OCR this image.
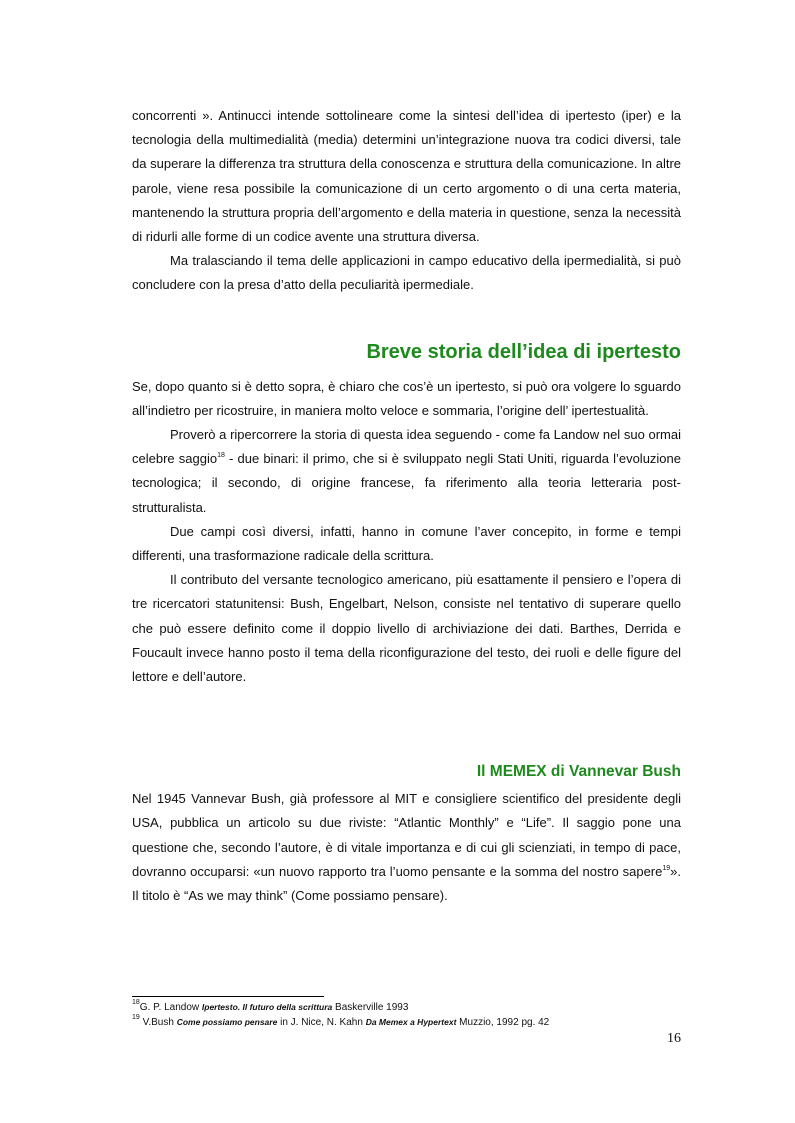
concorrenti ». Antinucci intende sottolineare come la sintesi dell’idea di ipertesto (iper) e la tecnologia della multimedialità (media) determini un’integrazione nuova tra codici diversi, tale da superare la differenza tra struttura della conoscenza e struttura della comunicazione. In altre parole, viene resa possibile la comunicazione di un certo argomento o di una certa materia, mantenendo la struttura propria dell’argomento e della materia in questione, senza la necessità di ridurli alle forme di un codice avente una struttura diversa.

Ma tralasciando il tema delle applicazioni in campo educativo della ipermedialità, si può concludere con la presa d’atto della peculiarità ipermediale.

Breve storia dell’idea di ipertesto

Se, dopo quanto si è detto sopra, è chiaro che cos’è un ipertesto, si può ora volgere lo sguardo all’indietro per ricostruire, in maniera molto veloce e sommaria, l’origine dell’ ipertestualità.

Proverò a ripercorrere la storia di questa idea seguendo - come fa Landow nel suo ormai celebre saggio$^{18}$ - due binari: il primo, che si è sviluppato negli Stati Uniti, riguarda l’evoluzione tecnologica; il secondo, di origine francese, fa riferimento alla teoria letteraria post-strutturalista.

Due campi così diversi, infatti, hanno in comune l’aver concepito, in forme e tempi differenti, una trasformazione radicale della scrittura.

Il contributo del versante tecnologico americano, più esattamente il pensiero e l’opera di tre ricercatori statunitensi: Bush, Engelbart, Nelson, consiste nel tentativo di superare quello che può essere definito come il doppio livello di archiviazione dei dati. Barthes, Derrida e Foucault invece hanno posto il tema della riconfigurazione del testo, dei ruoli e delle figure del lettore e dell’autore.

Il MEMEX di Vannevar Bush

Nel 1945 Vannevar Bush, già professore al MIT e consigliere scientifico del presidente degli USA, pubblica un articolo su due riviste: “Atlantic Monthly” e “Life”. Il saggio pone una questione che, secondo l’autore, è di vitale importanza e di cui gli scienziati, in tempo di pace, dovranno occuparsi: «un nuovo rapporto tra l’uomo pensante e la somma del nostro sapere$^{19}$». Il titolo è “As we may think” (Come possiamo pensare).

$^{18}$G. P. Landow Ipertesto. Il futuro della scrittura Baskerville 1993
$^{19}$ V.Bush Come possiamo pensare in J. Nice, N. Kahn Da Memex a Hypertext Muzzio, 1992 pg. 42
16
